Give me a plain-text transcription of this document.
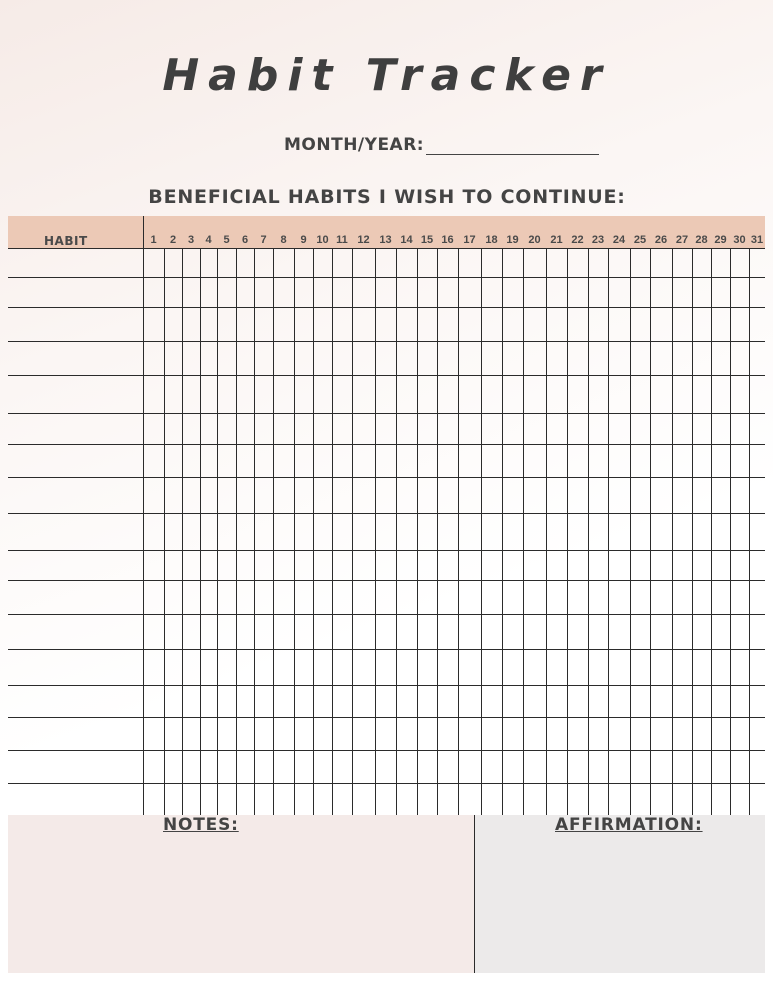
Habit Tracker
MONTH/YEAR:
BENEFICIAL HABITS I WISH TO CONTINUE:
HABIT	1	2	3	4	5	6	7	8	9 10 11 12 13 14 15 16 17 18 19 20 21 22 23 24 25 26 27 28 29 30 31
NOTES:	AFFIRMATION:
